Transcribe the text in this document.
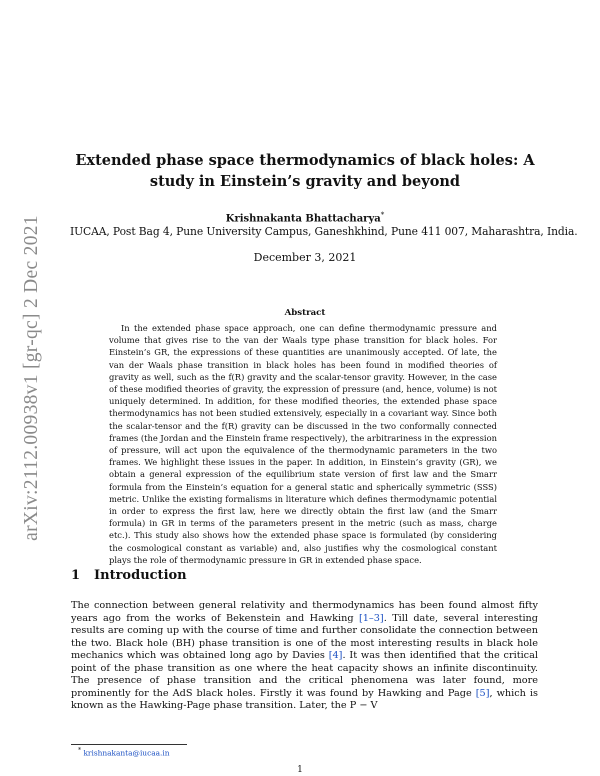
arXiv:2112.00938v1 [gr-qc] 2 Dec 2021
Extended phase space thermodynamics of black holes: A study in Einstein’s gravity and beyond
Krishnakanta Bhattacharya*
IUCAA, Post Bag 4, Pune University Campus, Ganeshkhind, Pune 411 007, Maharashtra, India.
December 3, 2021
Abstract

In the extended phase space approach, one can define thermodynamic pressure and volume that gives rise to the van der Waals type phase transition for black holes. For Einstein’s GR, the expressions of these quantities are unanimously accepted. Of late, the van der Waals phase transition in black holes has been found in modified theories of gravity as well, such as the f(R) gravity and the scalar-tensor gravity. However, in the case of these modified theories of gravity, the expression of pressure (and, hence, volume) is not uniquely determined. In addition, for these modified theories, the extended phase space thermodynamics has not been studied extensively, especially in a covariant way. Since both the scalar-tensor and the f(R) gravity can be discussed in the two conformally connected frames (the Jordan and the Einstein frame respectively), the arbitrariness in the expression of pressure, will act upon the equivalence of the thermodynamic parameters in the two frames. We highlight these issues in the paper. In addition, in Einstein’s gravity (GR), we obtain a general expression of the equilibrium state version of first law and the Smarr formula from the Einstein’s equation for a general static and spherically symmetric (SSS) metric. Unlike the existing formalisms in literature which defines thermodynamic potential in order to express the first law, here we directly obtain the first law (and the Smarr formula) in GR in terms of the parameters present in the metric (such as mass, charge etc.). This study also shows how the extended phase space is formulated (by considering the cosmological constant as variable) and, also justifies why the cosmological constant plays the role of thermodynamic pressure in GR in extended phase space.

1 Introduction

The connection between general relativity and thermodynamics has been found almost fifty years ago from the works of Bekenstein and Hawking [1–3]. Till date, several interesting results are coming up with the course of time and further consolidate the connection between the two. Black hole (BH) phase transition is one of the most interesting results in black hole mechanics which was obtained long ago by Davies [4]. It was then identified that the critical point of the phase transition as one where the heat capacity shows an infinite discontinuity. The presence of phase transition and the critical phenomena was later found, more prominently for the AdS black holes. Firstly it was found by Hawking and Page [5], which is known as the Hawking-Page phase transition. Later, the P − V

* krishnakanta@iucaa.in
1
